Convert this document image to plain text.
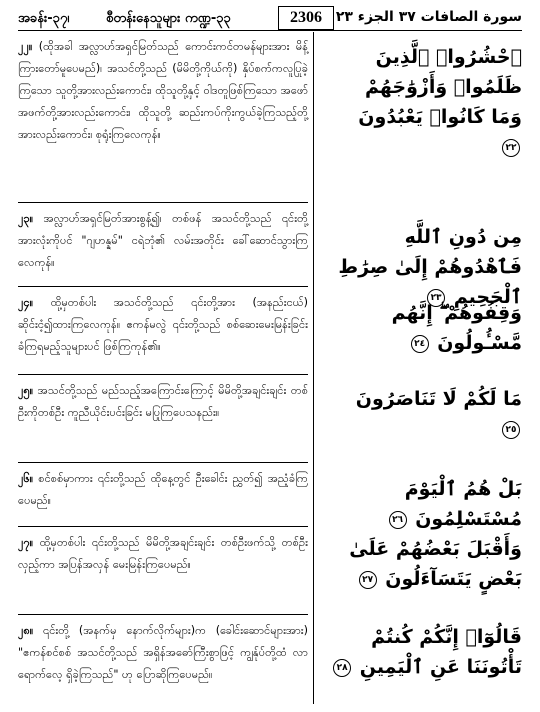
အခန်း-၃၇၊	စီတန်းနေသူများ ကဏ္ဍ-၃၃	2306 سورة الصافات ٣٧ الجزء ٢٣
၂၂။ (ထိုအခါ အလ္လာဟ်အရှင်မြတ်သည် ကောင်းကင်တမန်များအား မိန့်ကြားတော်မူပေမည်)၊ အသင်တို့သည် (မိမိတို့ကိုယ်ကို) နှိပ်စက်ကလူပြုခဲ့ကြသော သူတို့အားလည်းကောင်း၊ ထိုသူတို့နှင့် ဝါဒတူဖြစ်ကြသော အဖော်အဖက်တို့အားလည်းကောင်း၊ ထိုသူတို့ ဆည်းကပ်ကိုးကွယ်ခဲ့ကြသည့်တို့အားလည်းကောင်း၊ စုရုံးကြလေကုန်။
ٱحْشُرُوا۟ ٱلَّذِينَ ظَلَمُوا۟ وَأَزْوَٰجَهُمْ وَمَا كَانُوا۟ يَعْبُدُونَ ٢٢
၂၃။ အလ္လာဟ်အရှင်မြတ်အားစွန့်၍၊ တစ်ဖန် အသင်တို့သည် ၎င်းတို့အားလုံးကိုပင် "ဂျဟန္နမ်" ငရဲဘုံ၏ လမ်းအတိုင်း ခေါ်ဆောင်သွားကြလေကုန်။
مِن دُونِ ٱللَّهِ فَٱهْدُوهُمْ إِلَىٰ صِرَٰطِ ٱلْجَحِيمِ ٢٣
၂၄။ ထို့မှတစ်ပါး အသင်တို့သည် ၎င်းတို့အား (အနည်းငယ်) ဆိုင်းငံ့၍ထားကြလေကုန်။ ဧကန်မလွဲ ၎င်းတို့သည် စစ်ဆေးမေးမြန်းခြင်း ခံကြရမည့်သူများပင် ဖြစ်ကြကုန်၏။
وَقِفُوهُمْ ۖ إِنَّهُم مَّسْـُٔولُونَ ٢٤
၂၅။ အသင်တို့သည် မည်သည့်အကြောင်းကြောင့် မိမိတို့အချင်းချင်း တစ်ဦးကိုတစ်ဦး ကူညီယိုင်းပင်းခြင်း မပြုကြပေသနည်း။
مَا لَكُمْ لَا تَنَاصَرُونَ ٢٥
၂၆။ စင်စစ်မှာကား ၎င်းတို့သည် ထိုနေ့တွင် ဦးခေါင်း ညွှတ်၍ အညံ့ခံကြပေမည်။
بَلْ هُمُ ٱلْيَوْمَ مُسْتَسْلِمُونَ ٢٦
၂၇။ ထို့မှတစ်ပါး ၎င်းတို့သည် မိမိတို့အချင်းချင်း တစ်ဦးဖက်သို့ တစ်ဦးလှည့်ကာ အပြန်အလှန် မေးမြန်းကြပေမည်။
وَأَقْبَلَ بَعْضُهُمْ عَلَىٰ بَعْضٍ يَتَسَآءَلُونَ ٢٧
၂၈။ ၎င်းတို့ (အနက်မှ နောက်လိုက်များ)က (ခေါင်းဆောင်များအား) "ဧကန်စင်စစ် အသင်တို့သည် အရှိန်အဓော်ကြီးစွာဖြင့် ကျွန်ုပ်တို့ထံ လာရောက်လေ့ ရှိခဲ့ကြသည်" ဟု ပြောဆိုကြပေမည်။
قَالُوٓا۟ إِنَّكُمْ كُنتُمْ تَأْتُونَنَا عَنِ ٱلْيَمِينِ ٢٨
